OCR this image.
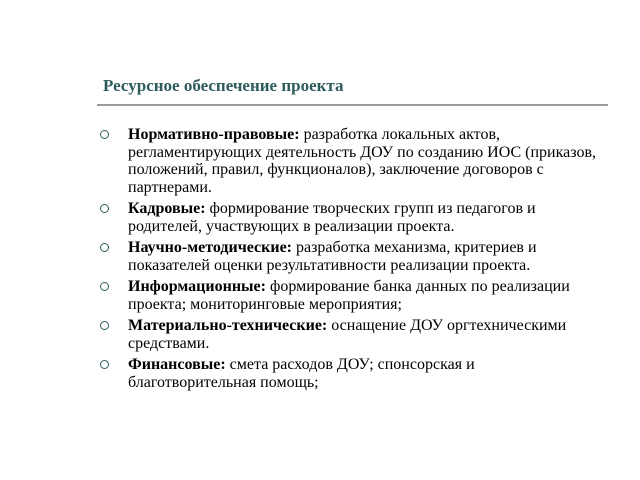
Ресурсное обеспечение проекта
Нормативно-правовые: разработка локальных актов, регламентирующих деятельность ДОУ по созданию ИОС (приказов, положений, правил, функционалов), заключение договоров с партнерами.
Кадровые: формирование творческих групп из педагогов и родителей, участвующих в реализации проекта.
Научно-методические: разработка механизма, критериев и показателей оценки результативности реализации проекта.
Информационные: формирование банка данных по реализации проекта; мониторинговые мероприятия;
Материально-технические: оснащение ДОУ оргтехническими средствами.
Финансовые: смета расходов ДОУ; спонсорская и благотворительная помощь;
